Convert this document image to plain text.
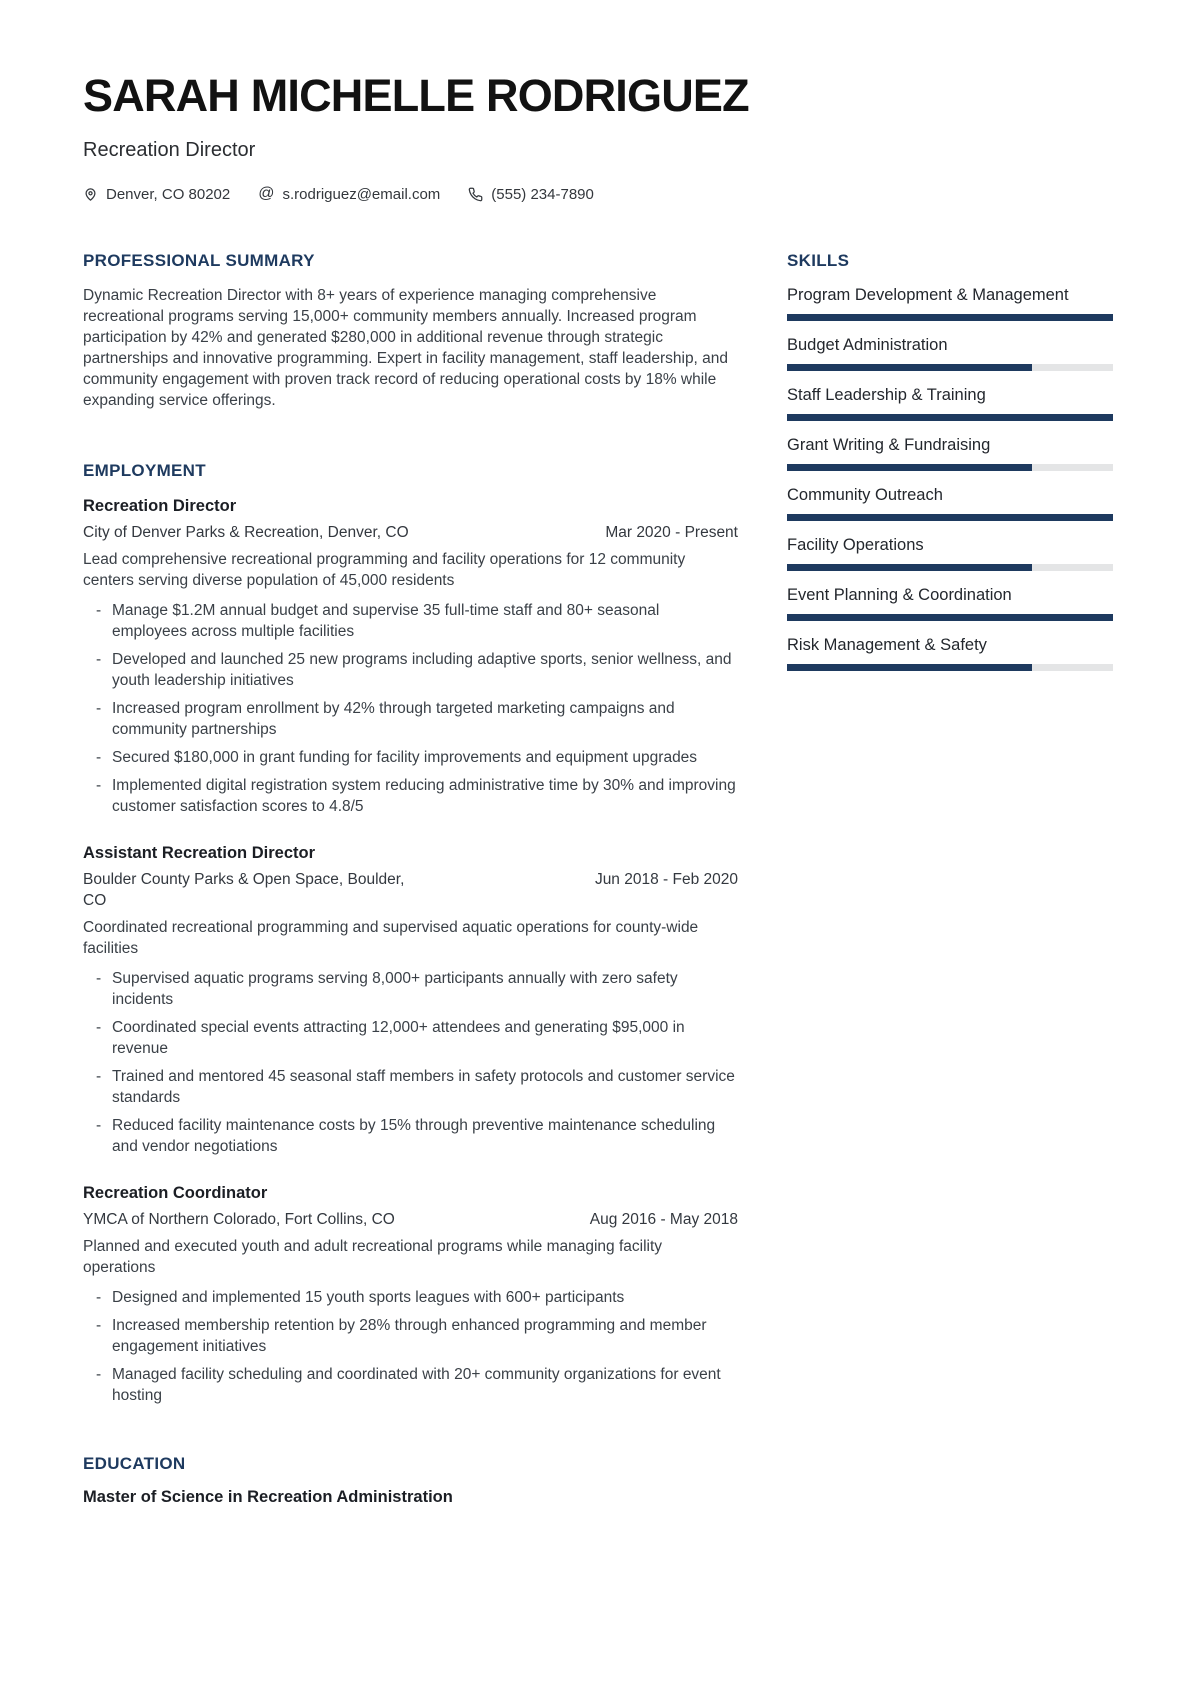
SARAH MICHELLE RODRIGUEZ

Recreation Director

Denver, CO 80202 @ s.rodriguez@email.com	(555) 234-7890
PROFESSIONAL SUMMARY

Dynamic Recreation Director with 8+ years of experience managing comprehensive recreational programs serving 15,000+ community members annually. Increased program participation by 42% and generated $280,000 in additional revenue through strategic partnerships and innovative programming. Expert in facility management, staff leadership, and community engagement with proven track record of reducing operational costs by 18% while expanding service offerings.

EMPLOYMENT
Recreation Director
City of Denver Parks & Recreation, Denver, CO	Mar 2020 - Present

Lead comprehensive recreational programming and facility operations for 12 community centers serving diverse population of 45,000 residents

- Manage $1.2M annual budget and supervise 35 full-time staff and 80+ seasonal employees across multiple facilities
- Developed and launched 25 new programs including adaptive sports, senior wellness, and youth leadership initiatives
- Increased program enrollment by 42% through targeted marketing campaigns and community partnerships
- Secured $180,000 in grant funding for facility improvements and equipment upgrades
- Implemented digital registration system reducing administrative time by 30% and improving customer satisfaction scores to 4.8/5
Assistant Recreation Director
Boulder County Parks & Open Space, Boulder, CO
Jun 2018 - Feb 2020

Coordinated recreational programming and supervised aquatic operations for county-wide facilities

- Supervised aquatic programs serving 8,000+ participants annually with zero safety incidents
- Coordinated special events attracting 12,000+ attendees and generating $95,000 in revenue
- Trained and mentored 45 seasonal staff members in safety protocols and customer service standards
- Reduced facility maintenance costs by 15% through preventive maintenance scheduling and vendor negotiations
Recreation Coordinator
YMCA of Northern Colorado, Fort Collins, CO	Aug 2016 - May 2018

Planned and executed youth and adult recreational programs while managing facility operations

- Designed and implemented 15 youth sports leagues with 600+ participants
- Increased membership retention by 28% through enhanced programming and member engagement initiatives
- Managed facility scheduling and coordinated with 20+ community organizations for event hosting
EDUCATION

Master of Science in Recreation Administration

SKILLS
Program Development & Management
Budget Administration
Staff Leadership & Training
Grant Writing & Fundraising
Community Outreach
Facility Operations
Event Planning & Coordination
Risk Management & Safety
